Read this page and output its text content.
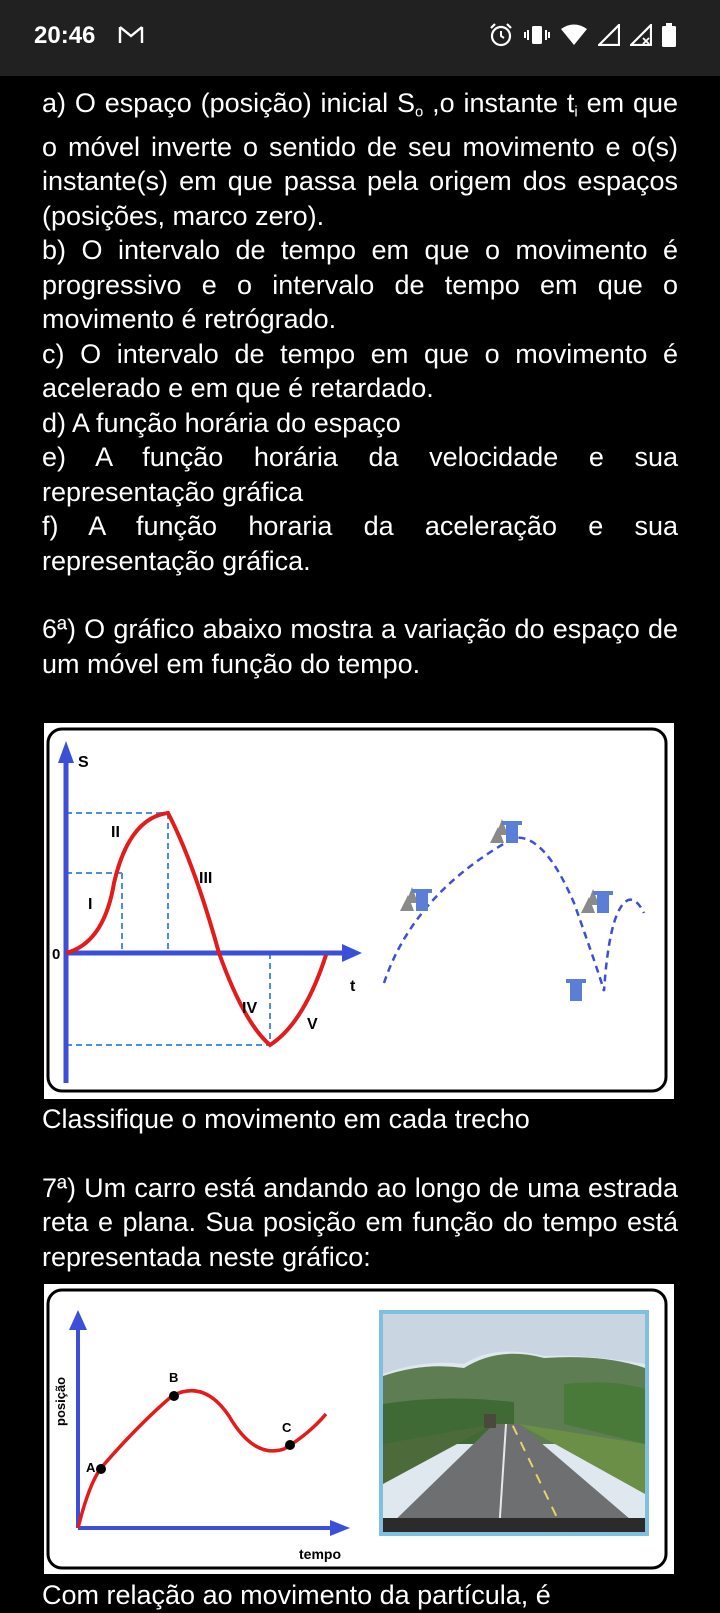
20:46

a) O espaço (posição) inicial $S_o$ ,o instante $t_i$ em que o móvel inverte o sentido de seu movimento e o(s) instante(s) em que passa pela origem dos espaços (posições, marco zero).

b) O intervalo de tempo em que o movimento é progressivo e o intervalo de tempo em que o movimento é retrógrado.

c) O intervalo de tempo em que o movimento é acelerado e em que é retardado.

d) A função horária do espaço

e) A função horária da velocidade e sua representação gráfica

f) A função horaria da aceleração e sua representação gráfica.

6ª) O gráfico abaixo mostra a variação do espaço de um móvel em função do tempo.

S
t
0
I
II
III
IV
V

Classifique o movimento em cada trecho

7ª) Um carro está andando ao longo de uma estrada reta e plana. Sua posição em função do tempo está representada neste gráfico:

A
B
C
tempo
posição

Com relação ao movimento da partícula, é
